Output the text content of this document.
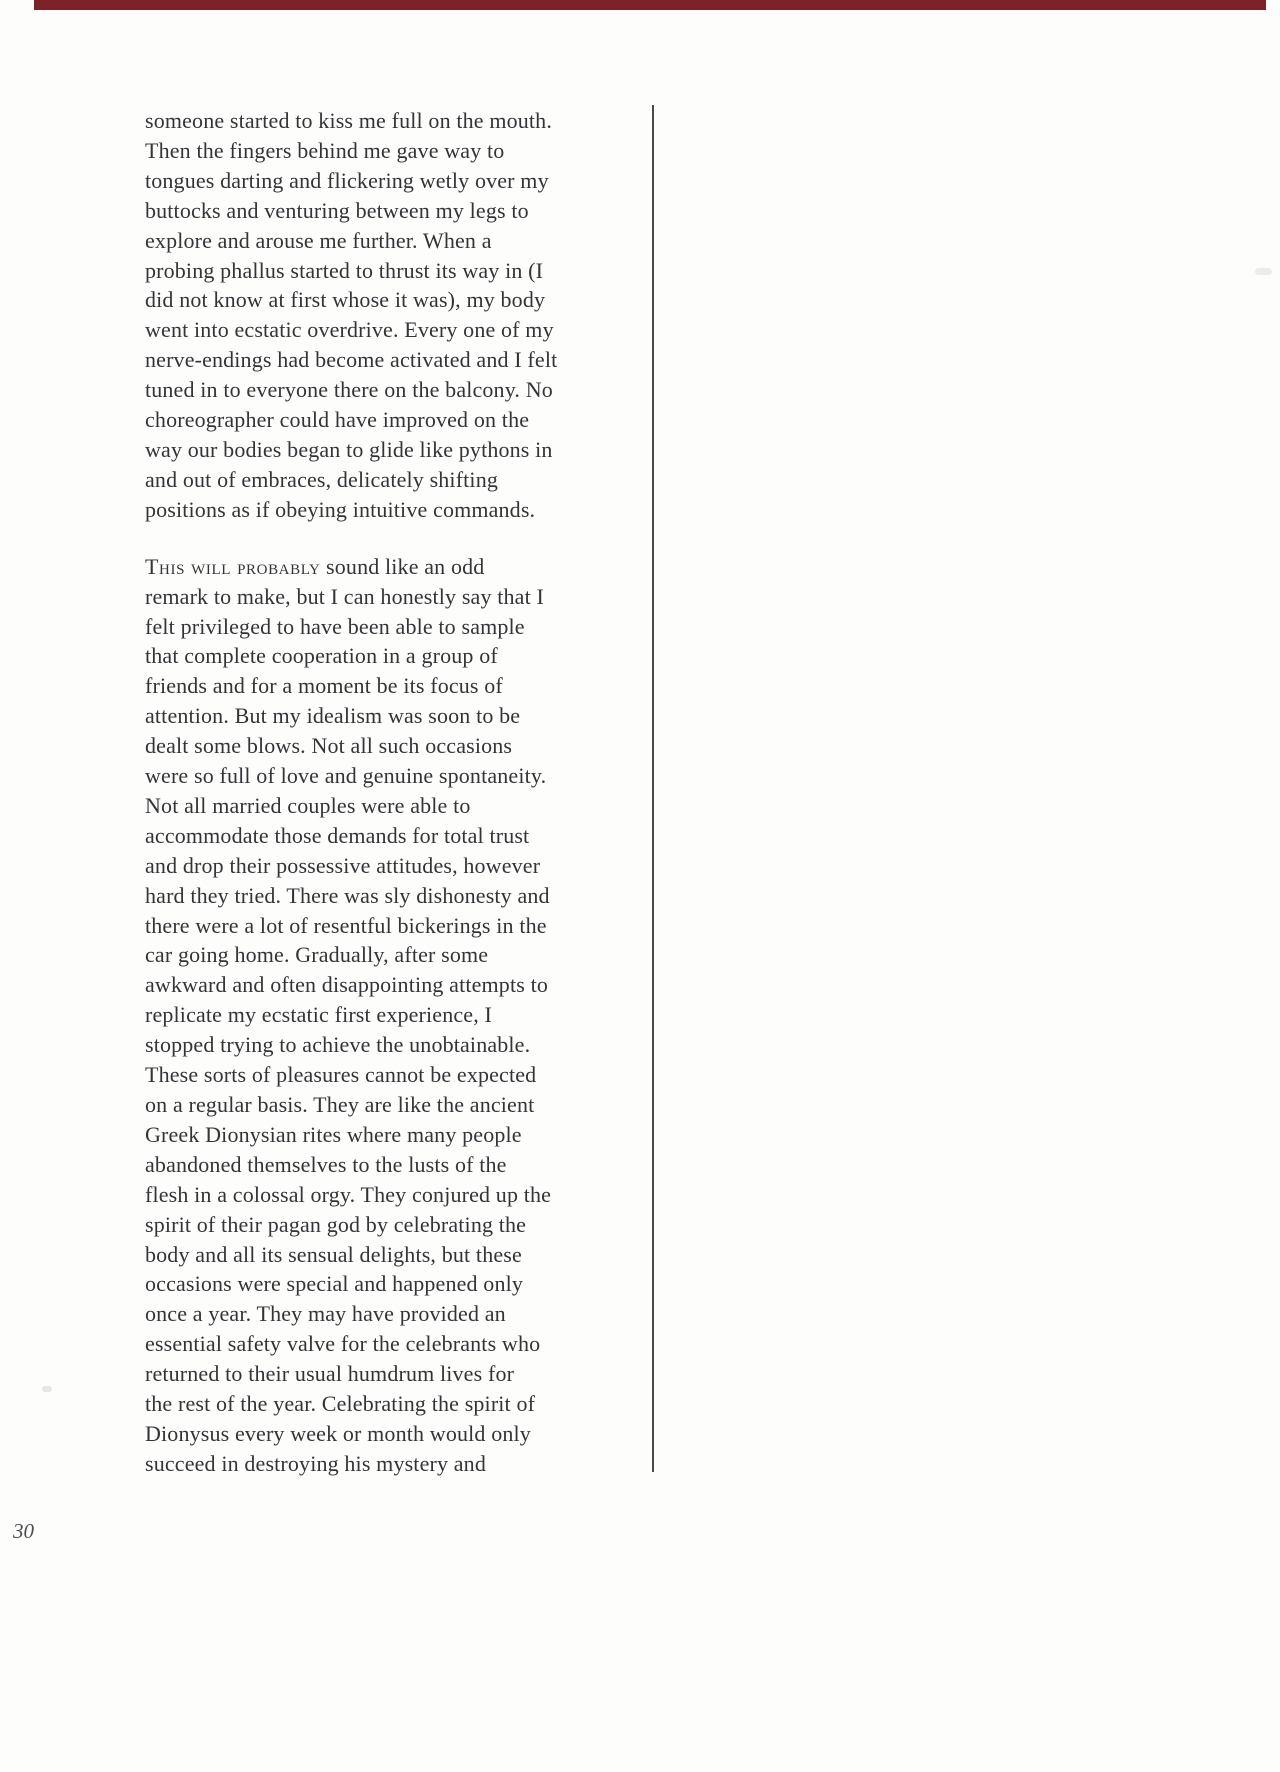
someone started to kiss me full on the mouth.
Then the fingers behind me gave way to
tongues darting and flickering wetly over my
buttocks and venturing between my legs to
explore and arouse me further. When a
probing phallus started to thrust its way in (I
did not know at first whose it was), my body
went into ecstatic overdrive. Every one of my
nerve-endings had become activated and I felt
tuned in to everyone there on the balcony. No
choreographer could have improved on the
way our bodies began to glide like pythons in
and out of embraces, delicately shifting
positions as if obeying intuitive commands.

This will probably sound like an odd
remark to make, but I can honestly say that I
felt privileged to have been able to sample
that complete cooperation in a group of
friends and for a moment be its focus of
attention. But my idealism was soon to be
dealt some blows. Not all such occasions
were so full of love and genuine spontaneity.
Not all married couples were able to
accommodate those demands for total trust
and drop their possessive attitudes, however
hard they tried. There was sly dishonesty and
there were a lot of resentful bickerings in the
car going home. Gradually, after some
awkward and often disappointing attempts to
replicate my ecstatic first experience, I
stopped trying to achieve the unobtainable.
These sorts of pleasures cannot be expected
on a regular basis. They are like the ancient
Greek Dionysian rites where many people
abandoned themselves to the lusts of the
flesh in a colossal orgy. They conjured up the
spirit of their pagan god by celebrating the
body and all its sensual delights, but these
occasions were special and happened only
once a year. They may have provided an
essential safety valve for the celebrants who
returned to their usual humdrum lives for
the rest of the year. Celebrating the spirit of
Dionysus every week or month would only
succeed in destroying his mystery and

30
